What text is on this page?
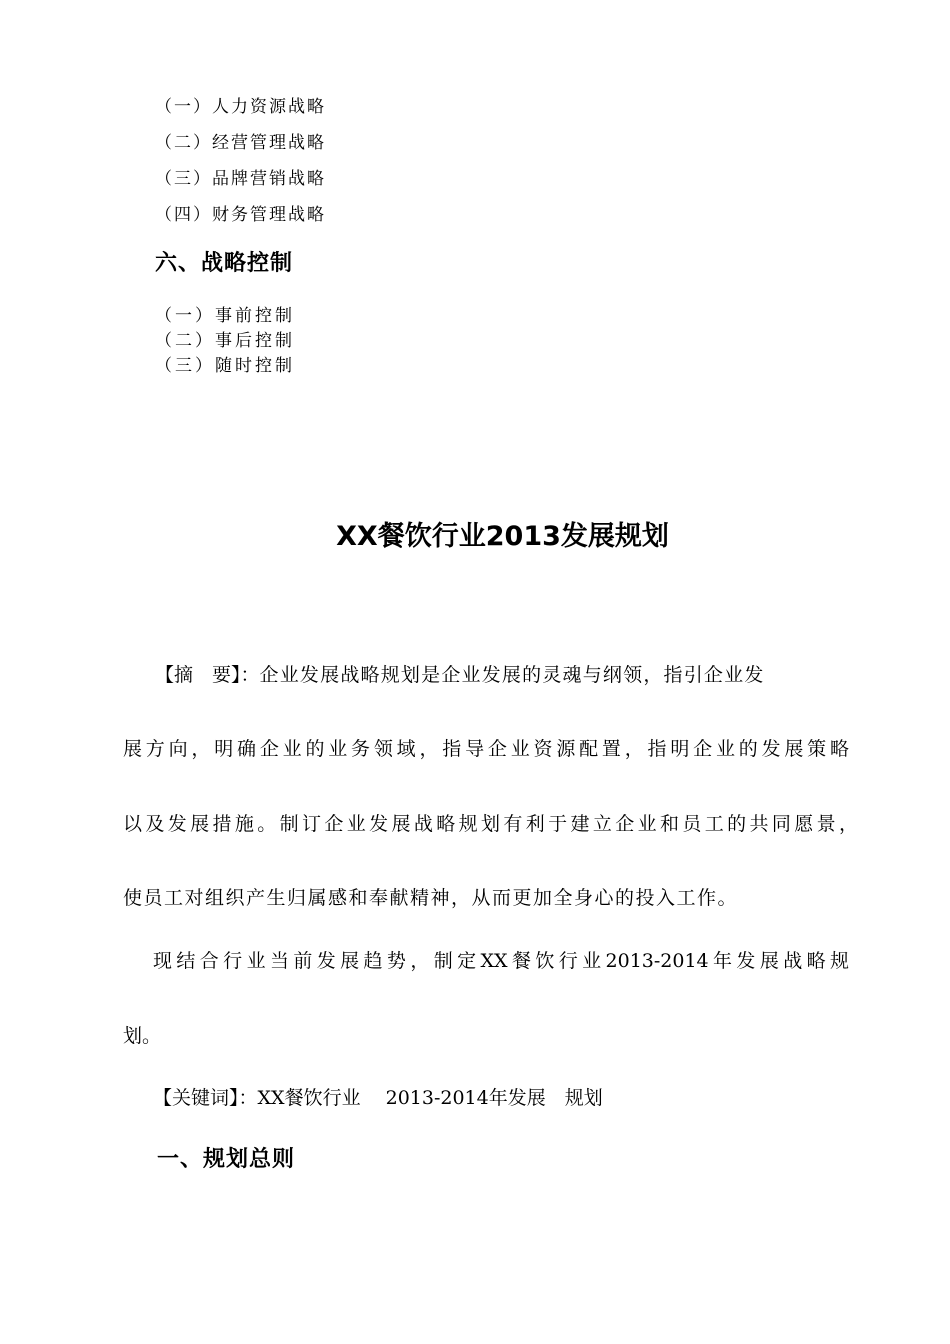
（一）人力资源战略
（二）经营管理战略
（三）品牌营销战略
（四）财务管理战略
六、战略控制
（一）事前控制
（二）事后控制
（三）随时控制
XX餐饮行业2013发展规划
【摘　要】：企业发展战略规划是企业发展的灵魂与纲领，指引企业发
展方向，明确企业的业务领域，指导企业资源配置，指明企业的发展策略
以及发展措施。制订企业发展战略规划有利于建立企业和员工的共同愿景，
使员工对组织产生归属感和奉献精神，从而更加全身心的投入工作。
现结合行业当前发展趋势，制定XX餐饮行业2013-2014年发展战略规
划。
【关键词】：XX餐饮行业　 2013-2014年发展　规划
一、规划总则
